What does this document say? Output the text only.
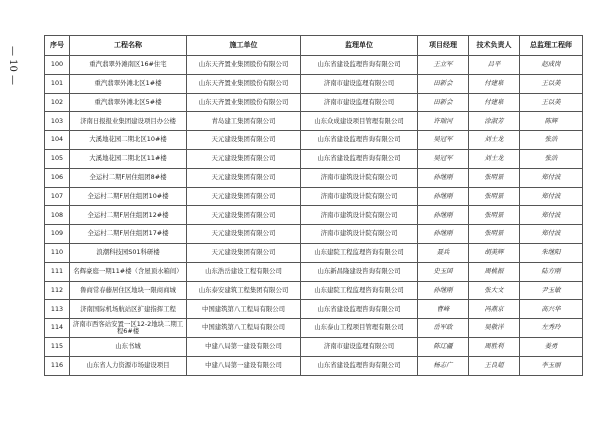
— 10 —
序号	工程名称	施工单位	监理单位	项目经理	技术负责人	总监理工程师
100	重汽翡翠外滩南区16#住宅	山东天齐置业集团股份有限公司	山东省建设监理咨询有限公司	王立军	吕平	赵成岗
101	重汽翡翠外滩北区1#楼	山东天齐置业集团股份有限公司	济南市建设监理有限公司	田新会	付建泉	王以美
102	重汽翡翠外滩北区5#楼	山东天齐置业集团股份有限公司	济南市建设监理有限公司	田新会	付建泉	王以美
103	济南日报报业集团建设项目办公楼	青岛建工集团有限公司	山东众成建设项目管理有限公司	许瑞河	涂淑芳	陈辉
104	大溪地花园二期北区10#楼	天元建设集团有限公司	山东省建设监理咨询有限公司	吴冠军	刘士龙	张浩
105	大溪地花园二期北区11#楼	天元建设集团有限公司	山东省建设监理咨询有限公司	吴冠军	刘士龙	张浩
106	全运村二期F居住组团8#楼	天元建设集团有限公司	济南市建筑设计院有限公司	孙继刚	张明景	郑付波
107	全运村二期F居住组团10#楼	天元建设集团有限公司	济南市建筑设计院有限公司	孙继刚	张明景	郑付波
108	全运村二期F居住组团12#楼	天元建设集团有限公司	济南市建筑设计院有限公司	孙继刚	张明景	郑付波
109	全运村二期F居住组团17#楼	天元建设集团有限公司	济南市建筑设计院有限公司	孙继刚	张明景	郑付波
110	浪潮科技园S01科研楼	天元建设集团有限公司	山东建院工程监理咨询有限公司	聂兵	胡美辉	朱继阳
111	名辉豪庭一期11#楼（含屋顶水箱间）	山东浩岳建设工程有限公司	山东新昌隆建设咨询有限公司	史玉国	周桃振	陆方刚
112	鲁商常春藤居住区地块一限商商城	山东泰安建筑工程集团有限公司	山东建院工程监理咨询有限公司	孙继刚	张大文	尹玉敏
113	济南国际机场航站区扩建指挥工程	中国建筑第八工程局有限公司	山东省建设监理咨询有限公司	曹峰	冯燕京	高兴华
114	济南市西客站安置一区12-2地块二期工程6#楼	中国建筑第八工程局有限公司	山东泰山工程项目管理有限公司	岳军政	吴敬洋	左秀玲
115	山东书城	中建八局第一建设有限公司	济南市建设监理有限公司	陈辽疆	周胜利	姜勇
116	山东省人力资源市场建设项目	中建八局第一建设有限公司	山东省建设监理咨询有限公司	杨志广	王良超	李玉丽
